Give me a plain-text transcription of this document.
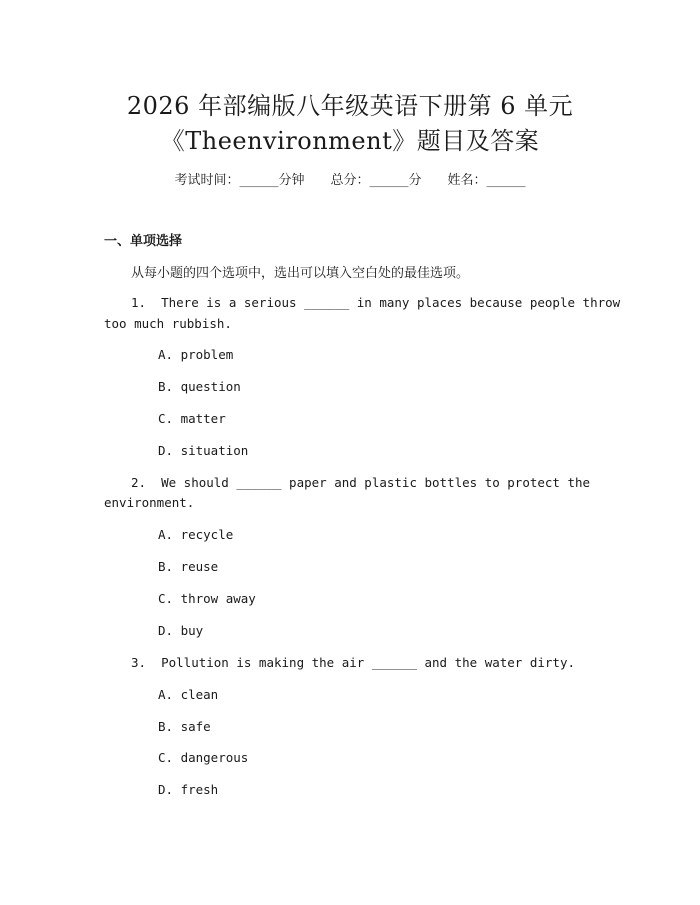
2026 年部编版八年级英语下册第 6 单元
《Theenvironment》题目及答案
考试时间：______分钟 总分：______分 姓名：______
一、单项选择
从每小题的四个选项中，选出可以填入空白处的最佳选项。
1.  There is a serious ______ in many places because people throw
too much rubbish.
A. problem
B. question
C. matter
D. situation
2.  We should ______ paper and plastic bottles to protect the
environment.
A. recycle
B. reuse
C. throw away
D. buy
3.  Pollution is making the air ______ and the water dirty.
A. clean
B. safe
C. dangerous
D. fresh
